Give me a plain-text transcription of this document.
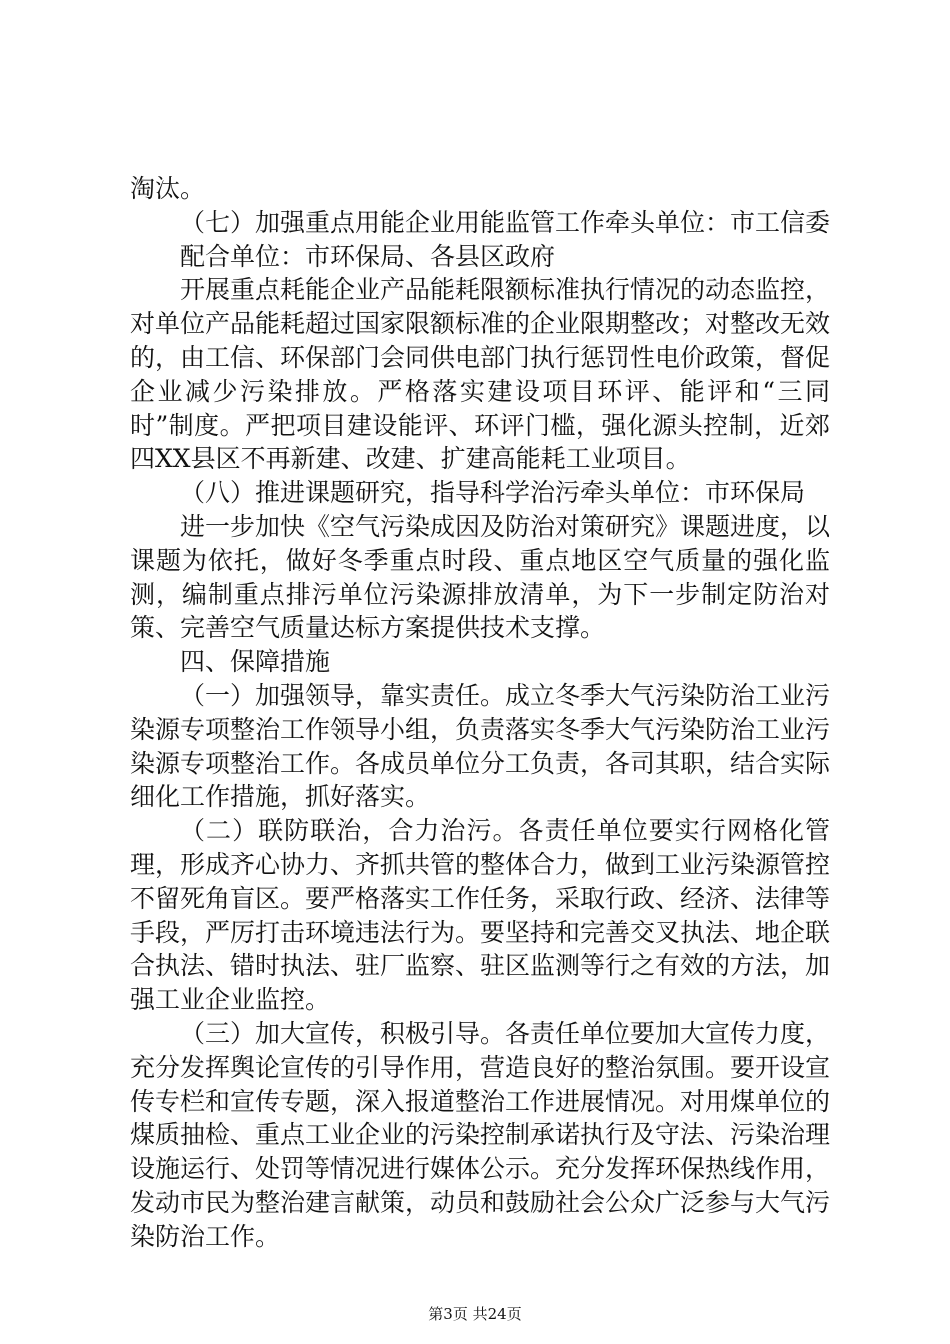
淘汰。

（七）加强重点用能企业用能监管工作牵头单位：市工信委

配合单位：市环保局、各县区政府

开展重点耗能企业产品能耗限额标准执行情况的动态监控，对单位产品能耗超过国家限额标准的企业限期整改；对整改无效的，由工信、环保部门会同供电部门执行惩罚性电价政策，督促企业减少污染排放。严格落实建设项目环评、能评和“三同时”制度。严把项目建设能评、环评门槛，强化源头控制，近郊四XX县区不再新建、改建、扩建高能耗工业项目。

（八）推进课题研究，指导科学治污牵头单位：市环保局

进一步加快《空气污染成因及防治对策研究》课题进度，以课题为依托，做好冬季重点时段、重点地区空气质量的强化监测，编制重点排污单位污染源排放清单，为下一步制定防治对策、完善空气质量达标方案提供技术支撑。

四、保障措施

（一）加强领导，靠实责任。成立冬季大气污染防治工业污染源专项整治工作领导小组，负责落实冬季大气污染防治工业污染源专项整治工作。各成员单位分工负责，各司其职，结合实际细化工作措施，抓好落实。

（二）联防联治，合力治污。各责任单位要实行网格化管理，形成齐心协力、齐抓共管的整体合力，做到工业污染源管控不留死角盲区。要严格落实工作任务，采取行政、经济、法律等手段，严厉打击环境违法行为。要坚持和完善交叉执法、地企联合执法、错时执法、驻厂监察、驻区监测等行之有效的方法，加强工业企业监控。

（三）加大宣传，积极引导。各责任单位要加大宣传力度，充分发挥舆论宣传的引导作用，营造良好的整治氛围。要开设宣传专栏和宣传专题，深入报道整治工作进展情况。对用煤单位的煤质抽检、重点工业企业的污染控制承诺执行及守法、污染治理设施运行、处罚等情况进行媒体公示。充分发挥环保热线作用，发动市民为整治建言献策，动员和鼓励社会公众广泛参与大气污染防治工作。

第3页 共24页
